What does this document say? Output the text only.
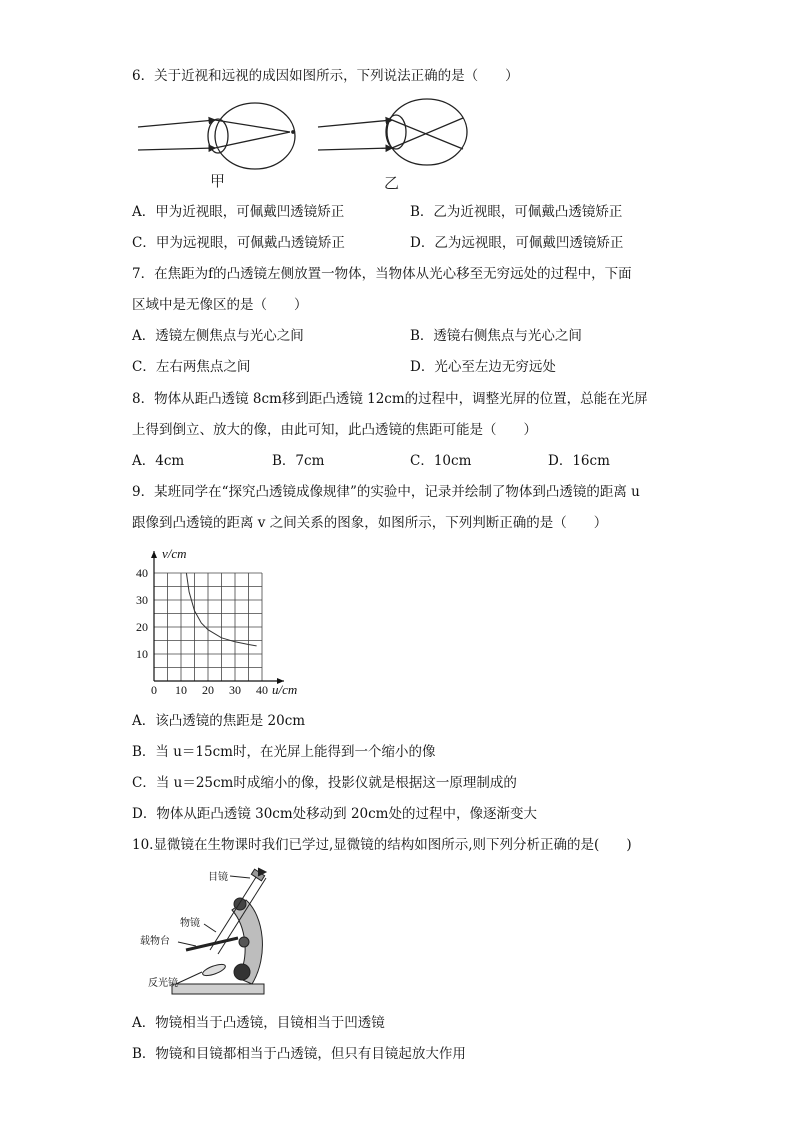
6．关于近视和远视的成因如图所示，下列说法正确的是（　　）
甲	乙
A．甲为近视眼，可佩戴凹透镜矫正	B．乙为近视眼，可佩戴凸透镜矫正
C．甲为远视眼，可佩戴凸透镜矫正	D．乙为远视眼，可佩戴凹透镜矫正
7．在焦距为f的凸透镜左侧放置一物体，当物体从光心移至无穷远处的过程中，下面
区域中是无像区的是（　　）
A．透镜左侧焦点与光心之间	B．透镜右侧焦点与光心之间
C．左右两焦点之间	D．光心至左边无穷远处
8．物体从距凸透镜 8cm移到距凸透镜 12cm的过程中，调整光屏的位置，总能在光屏
上得到倒立、放大的像，由此可知，此凸透镜的焦距可能是（　　）
A．4cm	B．7cm	C．10cm	D．16cm
9．某班同学在“探究凸透镜成像规律”的实验中，记录并绘制了物体到凸透镜的距离 u
跟像到凸透镜的距离 v 之间关系的图象，如图所示，下列判断正确的是（　　）
0 10 20 30 40
10
20
30
40
v/cm
u/cm
A．该凸透镜的焦距是 20cm
B．当 u＝15cm时，在光屏上能得到一个缩小的像
C．当 u＝25cm时成缩小的像，投影仪就是根据这一原理制成的
D．物体从距凸透镜 30cm处移动到 20cm处的过程中，像逐渐变大
10.显微镜在生物课时我们已学过,显微镜的结构如图所示,则下列分析正确的是(　　)
目镜
物镜
载物台
反光镜
A．物镜相当于凸透镜，目镜相当于凹透镜
B．物镜和目镜都相当于凸透镜，但只有目镜起放大作用
